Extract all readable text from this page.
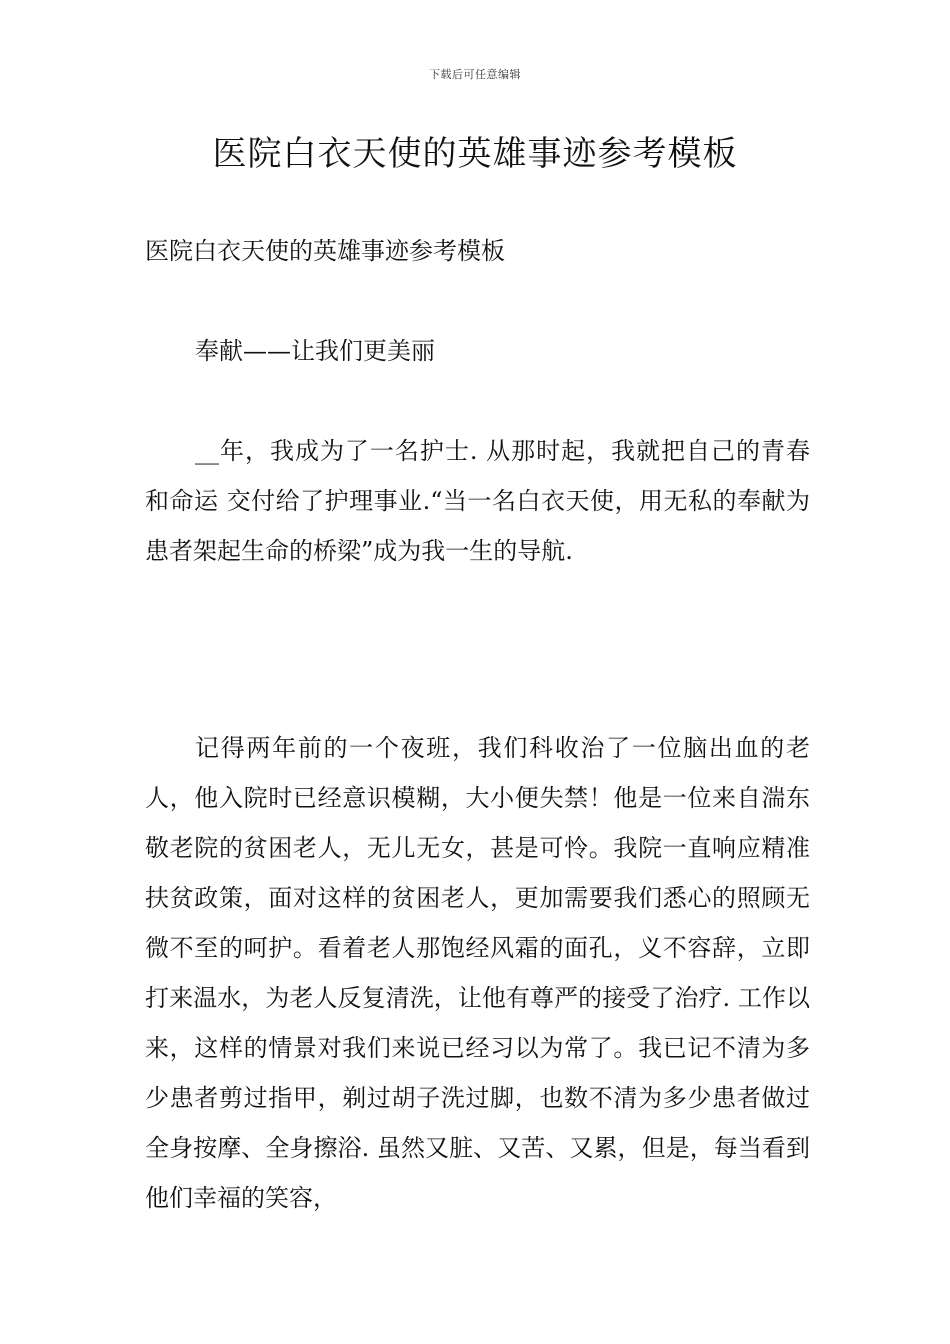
下载后可任意编辑
医院白衣天使的英雄事迹参考模板

医院白衣天使的英雄事迹参考模板

奉献——让我们更美丽

__年，我成为了一名护士. 从那时起，我就把自己的青春和命运 交付给了护理事业.“当一名白衣天使，用无私的奉献为患者架起生命的桥梁”成为我一生的导航.

记得两年前的一个夜班，我们科收治了一位脑出血的老人，他入院时已经意识模糊，大小便失禁！他是一位来自湍东敬老院的贫困老人，无儿无女，甚是可怜。我院一直响应精准扶贫政策，面对这样的贫困老人，更加需要我们悉心的照顾无微不至的呵护。看着老人那饱经风霜的面孔，义不容辞，立即打来温水，为老人反复清洗，让他有尊严的接受了治疗. 工作以来，这样的情景对我们来说已经习以为常了。我已记不清为多少患者剪过指甲，剃过胡子洗过脚，也数不清为多少患者做过全身按摩、全身擦浴. 虽然又脏、又苦、又累，但是，每当看到他们幸福的笑容，
